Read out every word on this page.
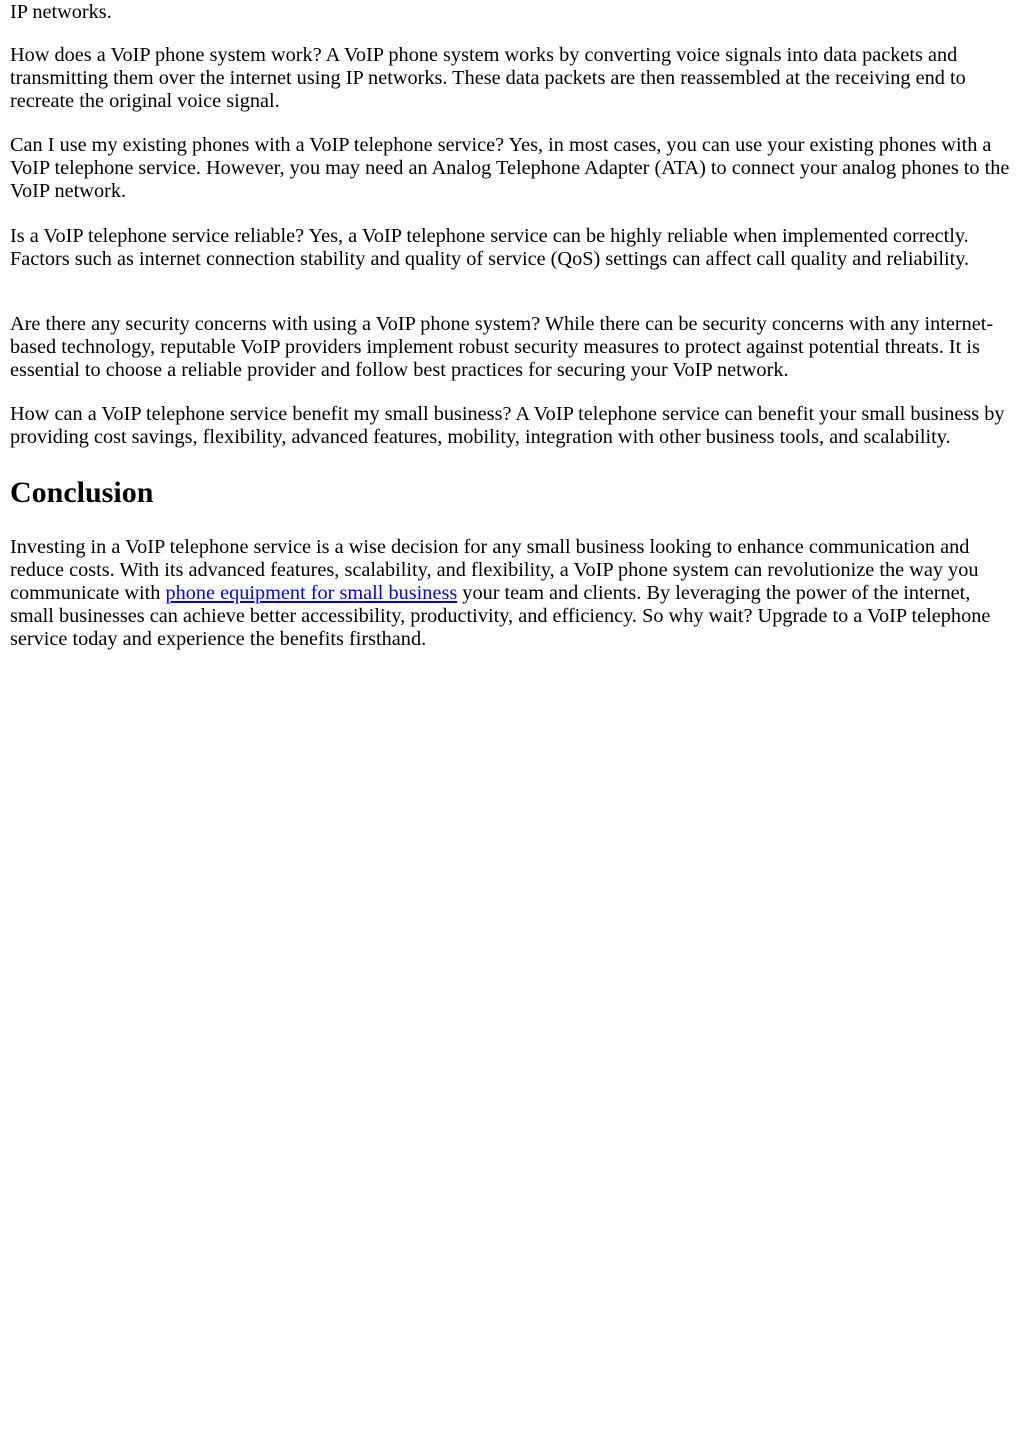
IP networks.

How does a VoIP phone system work? A VoIP phone system works by converting voice signals into data packets and transmitting them over the internet using IP networks. These data packets are then reassembled at the receiving end to recreate the original voice signal.

Can I use my existing phones with a VoIP telephone service? Yes, in most cases, you can use your existing phones with a VoIP telephone service. However, you may need an Analog Telephone Adapter (ATA) to connect your analog phones to the VoIP network.

Is a VoIP telephone service reliable? Yes, a VoIP telephone service can be highly reliable when implemented correctly. Factors such as internet connection stability and quality of service (QoS) settings can affect call quality and reliability.

Are there any security concerns with using a VoIP phone system? While there can be security concerns with any internet-based technology, reputable VoIP providers implement robust security measures to protect against potential threats. It is essential to choose a reliable provider and follow best practices for securing your VoIP network.

How can a VoIP telephone service benefit my small business? A VoIP telephone service can benefit your small business by providing cost savings, flexibility, advanced features, mobility, integration with other business tools, and scalability.

Conclusion

Investing in a VoIP telephone service is a wise decision for any small business looking to enhance communication and reduce costs. With its advanced features, scalability, and flexibility, a VoIP phone system can revolutionize the way you communicate with phone equipment for small business your team and clients. By leveraging the power of the internet, small businesses can achieve better accessibility, productivity, and efficiency. So why wait? Upgrade to a VoIP telephone service today and experience the benefits firsthand.
